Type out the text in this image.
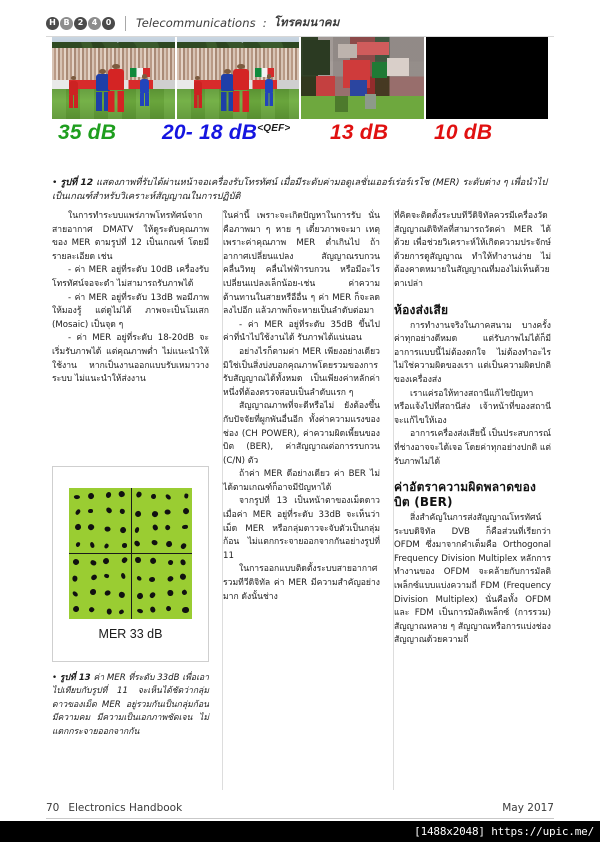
H B	2	4	0	Telecommunications : โทรคมนาคม
35 dB 20- 18 $dB^{<QEF>}$ 13 dB 10 dB
• รูปที่ 12 แสดงภาพที่รับได้ผ่านหน้าจอเครื่องรับโทรทัศน์ เมื่อมีระดับค่ามอดูเลชั่นเออร์เร่อร์เรโช (MER) ระดับต่าง ๆ เพื่อนำไปเป็นเกณฑ์สำหรับวิเคราะห์สัญญาณในการปฏิบัติ

ในการทำระบบแพร่ภาพโทรทัศน์จากสายอากาศ DMATV ให้ดูระดับคุณภาพของ MER ตามรูปที่ 12 เป็นเกณฑ์ โดยมีรายละเอียด เช่น

- ค่า MER อยู่ที่ระดับ 10dB เครื่องรับโทรทัศน์จอจะดำ ไม่สามารถรับภาพได้

- ค่า MER อยู่ที่ระดับ 13dB พอมีภาพให้มองรู้ แต่ดูไม่ได้ ภาพจะเป็นโมเสก (Mosaic) เป็นจุด ๆ

- ค่า MER อยู่ที่ระดับ 18-20dB จะเริ่มรับภาพได้ แต่คุณภาพต่ำ ไม่แนะนำให้ใช้งาน หากเป็นงานออกแบบรับเหมาวางระบบ ไม่แนะนำให้ส่งงาน

ในค่านี้ เพราะจะเกิดปัญหาในการรับ นั่นคือภาพมา ๆ หาย ๆ เดี๋ยวภาพจะมา เหตุเพราะค่าคุณภาพ MER ต่ำเกินไป ถ้าอากาศเปลี่ยนแปลง สัญญาณรบกวน คลื่นวิทยุ คลื่นไฟฟ้ารบกวน หรือมีอะไรเปลี่ยนแปลงเล็กน้อย-เช่น ค่าความต้านทานในสายหรือือื่น ๆ ค่า MER ก็จะลดลงไปอีก แล้วภาพก็จะหายเป็นลำดับต่อมา

- ค่า MER อยู่ที่ระดับ 35dB ขึ้นไป ค่าที่นำไปใช้งานได้ รับภาพได้แน่นอน

อย่างไรก็ตามค่า MER เพียงอย่างเดียวมิใช่เป็นสิ่งบ่งบอกคุณภาพโดยรวมของการรับสัญญาณได้ทั้งหมด เป็นเพียงค่าหลักค่าหนึ่งที่ต้องตรวจสอบเป็นลำดับแรก ๆ

สัญญาณภาพที่จะดีหรือไม่ ยังต้องขึ้นกับปัจจัยที่ผูกพันอื่นอีก ทั้งค่าความแรงของช่อง (CH POWER), ค่าความผิดเพี้ยนของบิต (BER), ค่าสัญญาณต่อการรบกวน (C/N) ตัว

ถ้าค่า MER ดีอย่างเดียว ค่า BER ไม่ได้ตามเกณฑ์ก็อาจมีปัญหาได้

จากรูปที่ 13 เป็นหน้าตาของเม็ดดาวเมื่อค่า MER อยู่ที่ระดับ 33dB จะเห็นว่าเม็ด MER หรือกลุ่มดาวจะจับตัวเป็นกลุ่มก้อน ไม่แตกกระจายออกจากกันอย่างรูปที่ 11

ในการออกแบบติดตั้งระบบสายอากาศรวมทีวีดิจิทัล ค่า MER มีความสำคัญอย่างมาก ดังนั้นช่าง

ที่คิดจะติดตั้งระบบทีวีดิจิทัลควรมีเครื่องวัดสัญญาณดิจิทัลที่สามารถวัดค่า MER ได้ด้วย เพื่อช่วยวิเคราะห์ให้เกิดความประจักษ์ด้วยการดูสัญญาณ ทำให้ทำงานง่าย ไม่ต้องคาดหมายในสัญญาณที่มองไม่เห็นด้วยตาเปล่า

ห้องส่งเสีย

การทำงานจริงในภาคสนาม บางครั้ง ค่าทุกอย่างดีหมด แต่รับภาพไม่ได้ก็มี อาการแบบนี้ไม่ต้องตกใจ ไม่ต้องทำอะไร ไม่ใช่ความผิดของเรา แต่เป็นความผิดปกติของเครื่องส่ง

เราแค่รอให้ทางสถานีแก้ไขปัญหา หรือแจ้งไปที่สถานีส่ง เจ้าหน้าที่ของสถานีจะแก้ไขให้เอง

อาการเครื่องส่งเสียนี้ เป็นประสบการณ์ที่ช่างอาจจะได้เจอ โดยค่าทุกอย่างปกติ แต่รับภาพไม่ได้

ค่าอัตราความผิดพลาดของ บิต (BER)

สิ่งสำคัญในการส่งสัญญาณโทรทัศน์ระบบดิจิทัล DVB ก็คือส่วนที่เรียกว่า OFDM ซึ่งมาจากคำเต็มคือ Orthogonal Frequency Division Multiplex หลักการทำงานของ OFDM จะคล้ายกับการมัลติเพล็กซ์แบบแบ่งความถี่ FDM (Frequency Division Multiplex) นั่นคือทั้ง OFDM และ FDM เป็นการมัลติเพล็กซ์ (การรวม) สัญญาณหลาย ๆ สัญญาณหรือการแบ่งช่องสัญญาณด้วยความถี่

MER 33 dB
• รูปที่ 13 ค่า MER ที่ระดับ 33dB เพื่อเอาไปเทียบกับรูปที่ 11 จะเห็นได้ชัดว่ากลุ่มดาวของเม็ด MER อยู่รวมกันเป็นกลุ่มก้อน มีความคม มีความเป็นเอกภาพชัดเจน ไม่แตกกระจายออกจากกัน
70 Electronics Handbook	May 2017
[1488x2048] https://upic.me/
